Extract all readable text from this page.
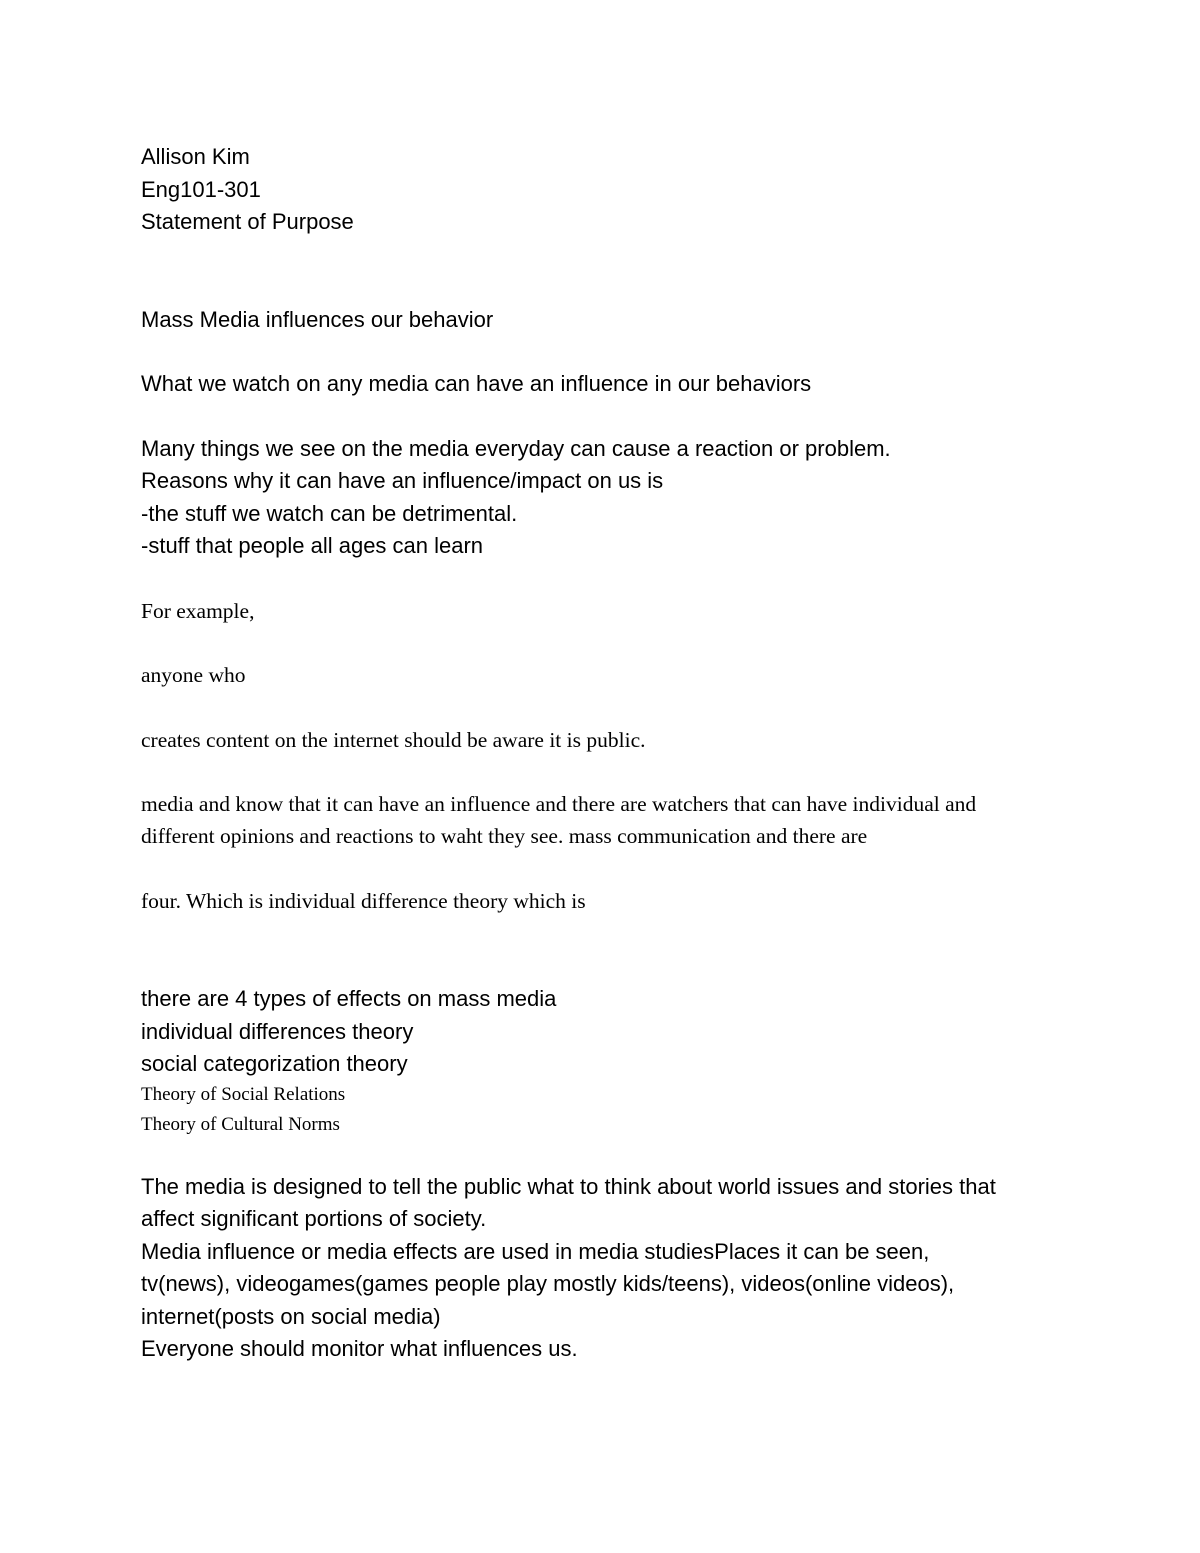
Allison Kim
Eng101-301
Statement of Purpose
Mass Media influences our behavior
What we watch on any media can have an influence in our behaviors
Many things we see on the media everyday can cause a reaction or problem.
Reasons why it can have an influence/impact on us is
-the stuff we watch can be detrimental.
-stuff that people all ages can learn
For example,
anyone who
creates content on the internet should be aware it is public.
media and know that it can have an influence and there are watchers that can have individual and
different opinions and reactions to waht they see. mass communication and there are
four. Which is individual difference theory which is
there are 4 types of effects on mass media
individual differences theory
social categorization theory
Theory of Social Relations
Theory of Cultural Norms
The media is designed to tell the public what to think about world issues and stories that
affect significant portions of society.
Media influence or media effects are used in media studiesPlaces it can be seen,
tv(news), videogames(games people play mostly kids/teens), videos(online videos),
internet(posts on social media)
Everyone should monitor what influences us.
